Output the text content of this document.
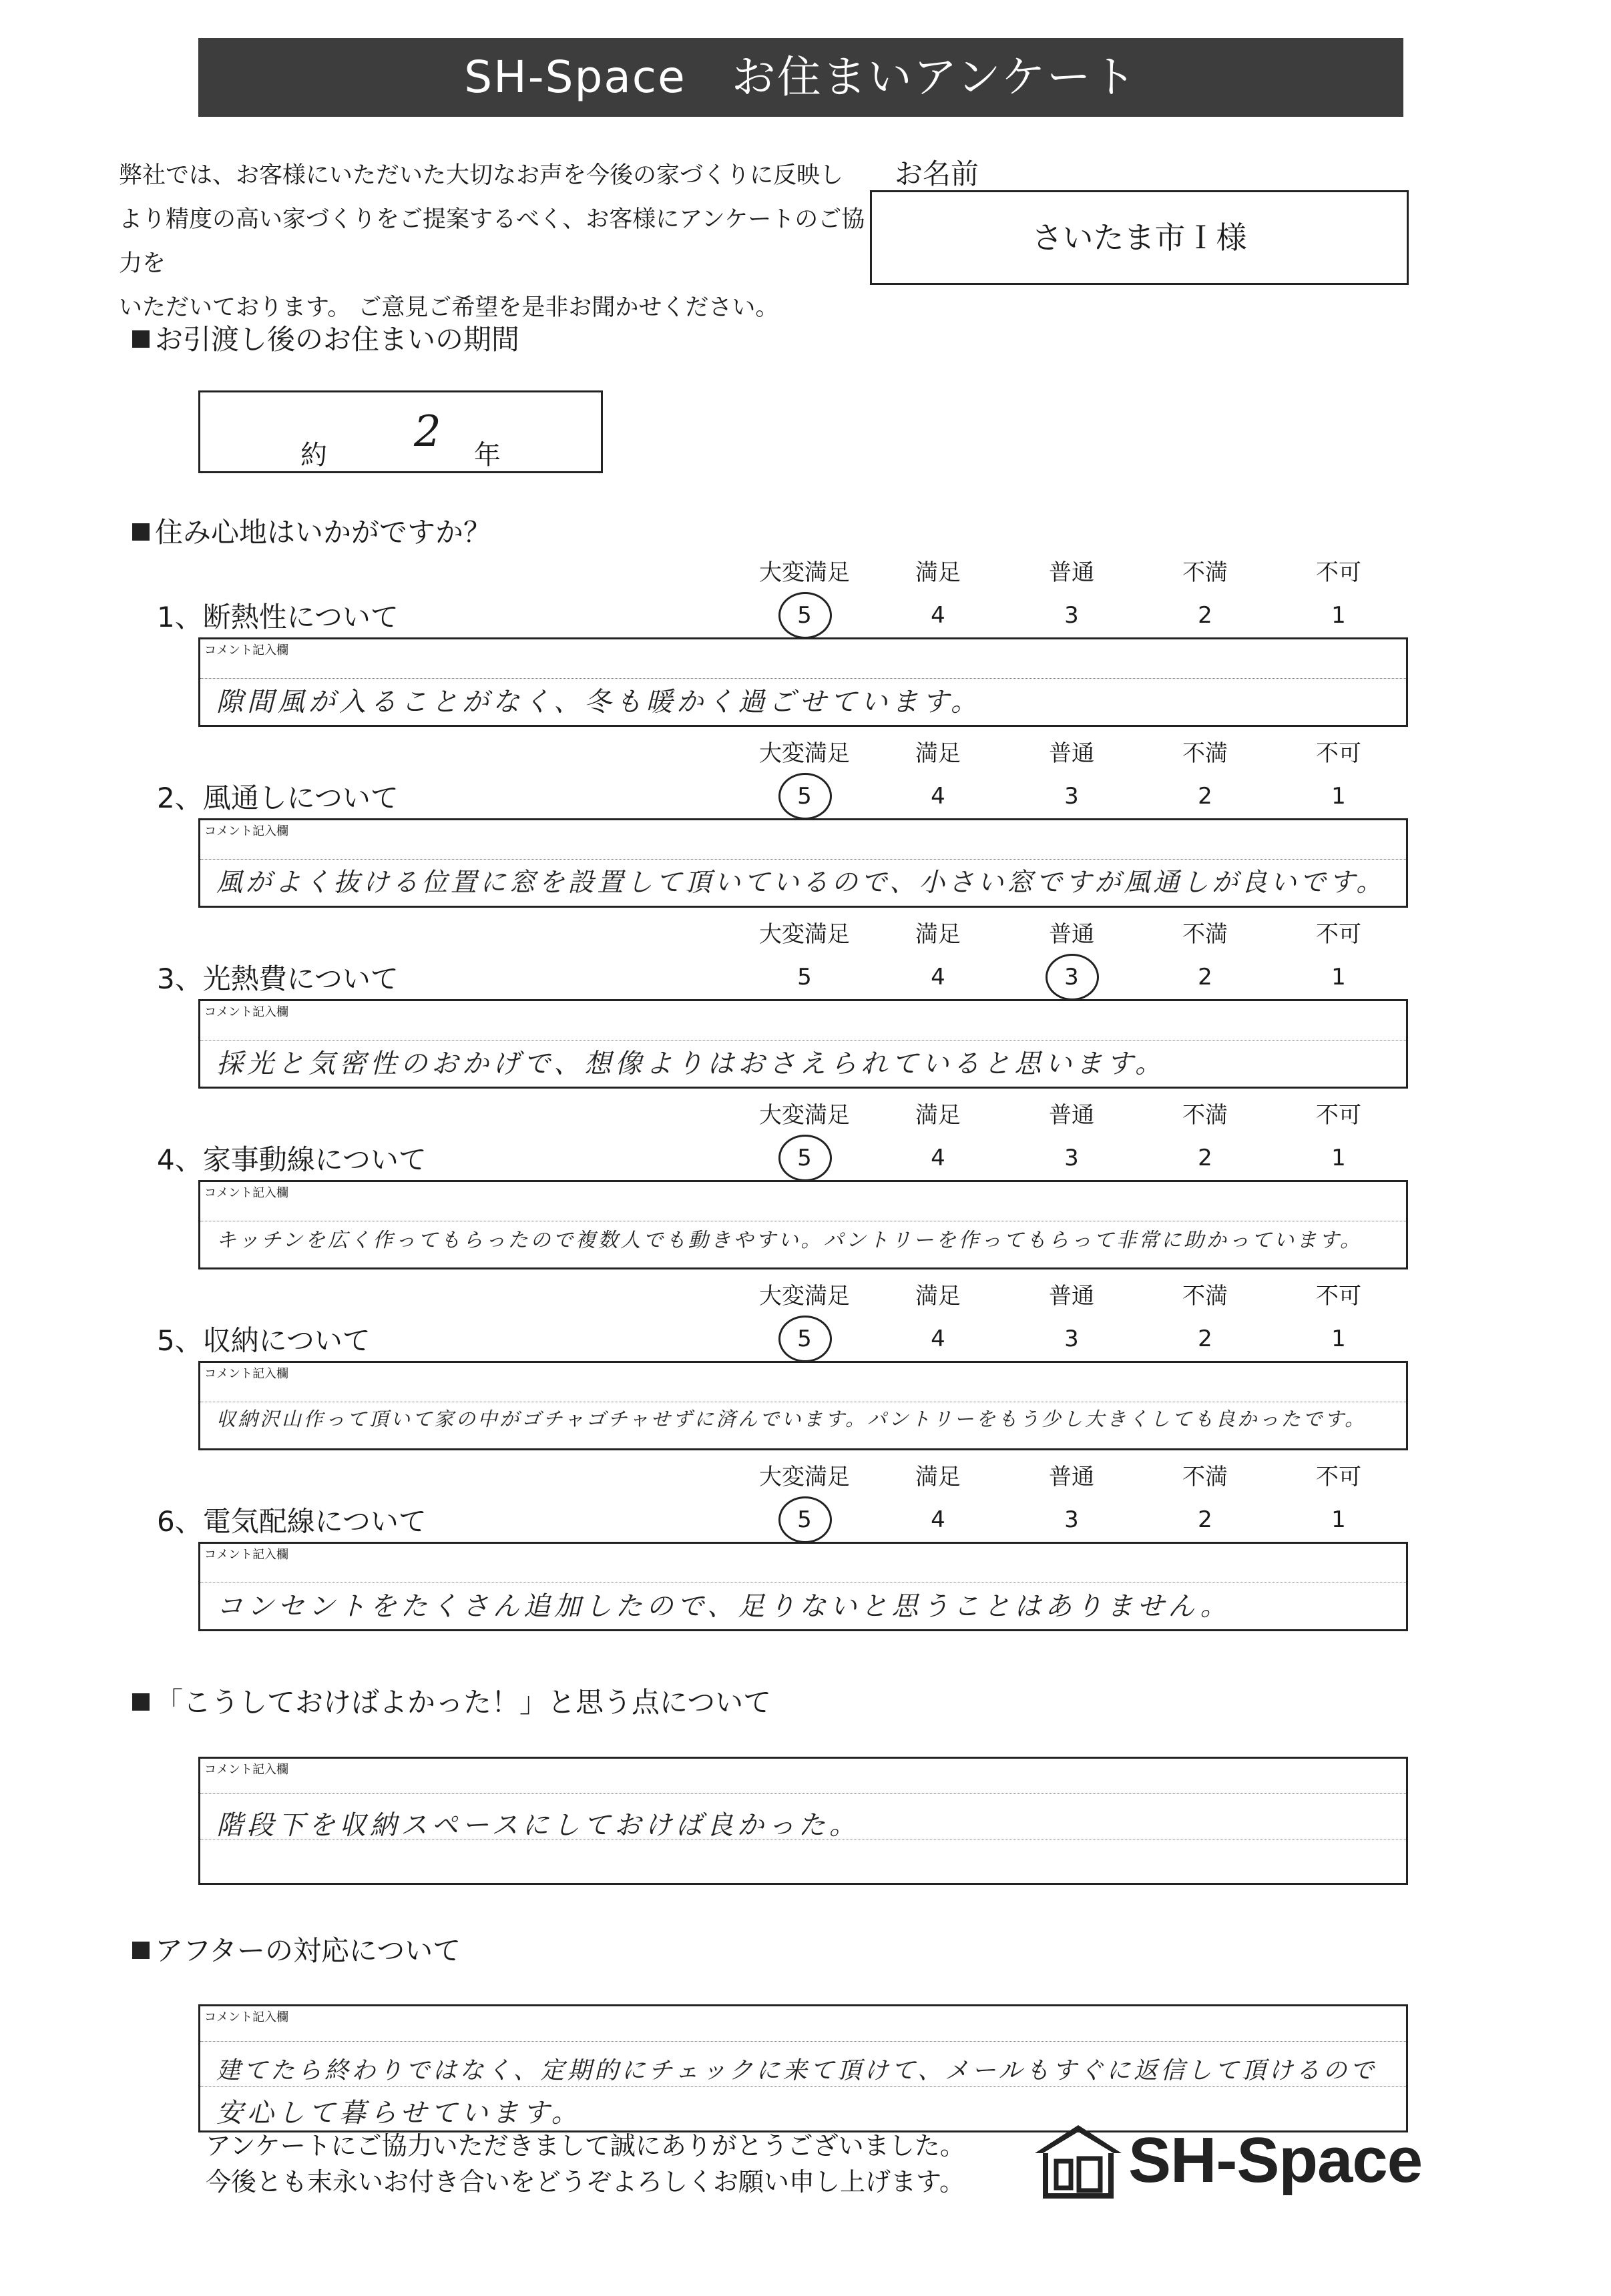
SH-Space　お住まいアンケート
弊社では、お客様にいただいた大切なお声を今後の家づくりに反映し
より精度の高い家づくりをご提案するべく、お客様にアンケートのご協力を
いただいております。 ご意見ご希望を是非お聞かせください。
お名前
さいたま市Ｉ様
お引渡し後のお住まいの期間
約 2 年
住み心地はいかがですか？
大変満足	満足	普通	不満	不可
1、断熱性について	5	4	3	2	1
コメント記入欄
隙間風が入ることがなく、冬も暖かく過ごせています。
大変満足	満足	普通	不満	不可
2、風通しについて	5	4	3	2	1
コメント記入欄
風がよく抜ける位置に窓を設置して頂いているので、小さい窓ですが風通しが良いです。
大変満足	満足	普通	不満	不可
3、光熱費について	5	4	3	2	1
コメント記入欄
採光と気密性のおかげで、想像よりはおさえられていると思います。
大変満足	満足	普通	不満	不可
4、家事動線について	5	4	3	2	1
コメント記入欄
キッチンを広く作ってもらったので複数人でも動きやすい。パントリーを作ってもらって非常に助かっています。
大変満足	満足	普通	不満	不可
5、収納について	5	4	3	2	1
コメント記入欄
収納沢山作って頂いて家の中がゴチャゴチャせずに済んでいます。パントリーをもう少し大きくしても良かったです。
大変満足	満足	普通	不満	不可
6、電気配線について	5	4	3	2	1
コメント記入欄
コンセントをたくさん追加したので、足りないと思うことはありません。
「こうしておけばよかった！」と思う点について
コメント記入欄
階段下を収納スペースにしておけば良かった。
アフターの対応について
コメント記入欄
建てたら終わりではなく、定期的にチェックに来て頂けて、メールもすぐに返信して頂けるので
安心して暮らせています。
アンケートにご協力いただきまして誠にありがとうございました。
今後とも末永いお付き合いをどうぞよろしくお願い申し上げます。	SH-Space
